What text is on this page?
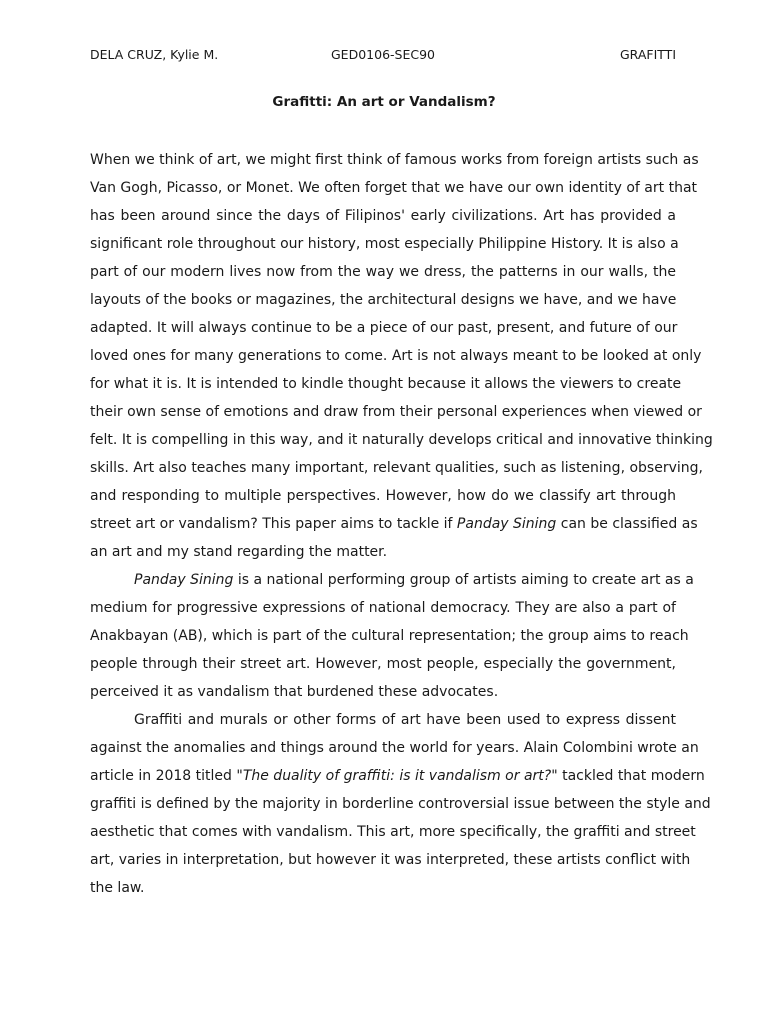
DELA CRUZ, Kylie M.	GED0106-SEC90	GRAFITTI
Grafitti: An art or Vandalism?
When we think of art, we might first think of famous works from foreign artists such as
Van Gogh, Picasso, or Monet. We often forget that we have our own identity of art that
has been around since the days of Filipinos' early civilizations. Art has provided a
significant role throughout our history, most especially Philippine History. It is also a
part of our modern lives now from the way we dress, the patterns in our walls, the
layouts of the books or magazines, the architectural designs we have, and we have
adapted. It will always continue to be a piece of our past, present, and future of our
loved ones for many generations to come. Art is not always meant to be looked at only
for what it is. It is intended to kindle thought because it allows the viewers to create
their own sense of emotions and draw from their personal experiences when viewed or
felt. It is compelling in this way, and it naturally develops critical and innovative thinking
skills. Art also teaches many important, relevant qualities, such as listening, observing,
and responding to multiple perspectives. However, how do we classify art through
street art or vandalism? This paper aims to tackle if Panday Sining can be classified as
an art and my stand regarding the matter.
Panday Sining is a national performing group of artists aiming to create art as a
medium for progressive expressions of national democracy. They are also a part of
Anakbayan (AB), which is part of the cultural representation; the group aims to reach
people through their street art. However, most people, especially the government,
perceived it as vandalism that burdened these advocates.
Graffiti and murals or other forms of art have been used to express dissent
against the anomalies and things around the world for years. Alain Colombini wrote an
article in 2018 titled "The duality of graffiti: is it vandalism or art?" tackled that modern
graffiti is defined by the majority in borderline controversial issue between the style and
aesthetic that comes with vandalism. This art, more specifically, the graffiti and street
art, varies in interpretation, but however it was interpreted, these artists conflict with
the law.
